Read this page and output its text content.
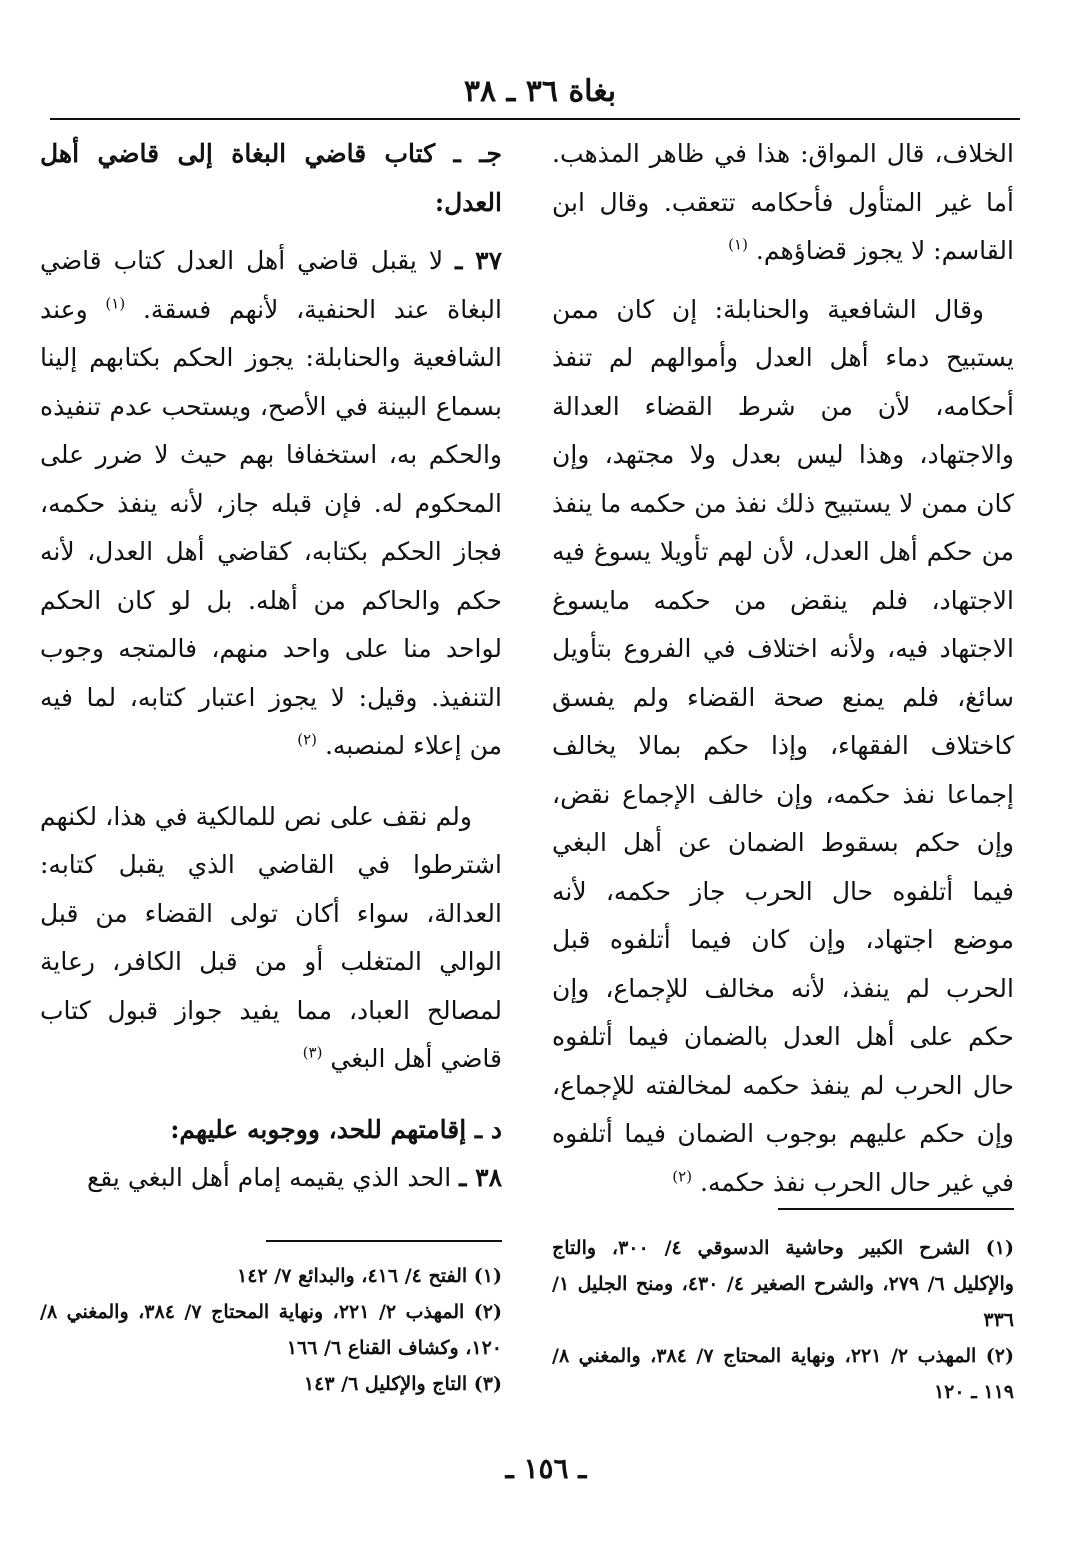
بغاة ٣٦ ـ ٣٨

الخلاف، قال المواق: هذا في ظاهر المذهب. أما غير المتأول فأحكامه تتعقب. وقال ابن القاسم: لا يجوز قضاؤهم. $^{(١)}$

وقال الشافعية والحنابلة: إن كان ممن يستبيح دماء أهل العدل وأموالهم لم تنفذ أحكامه، لأن من شرط القضاء العدالة والاجتهاد، وهذا ليس بعدل ولا مجتهد، وإن كان ممن لا يستبيح ذلك نفذ من حكمه ما ينفذ من حكم أهل العدل، لأن لهم تأويلا يسوغ فيه الاجتهاد، فلم ينقض من حكمه مايسوغ الاجتهاد فيه، ولأنه اختلاف في الفروع بتأويل سائغ، فلم يمنع صحة القضاء ولم يفسق كاختلاف الفقهاء، وإذا حكم بمالا يخالف إجماعا نفذ حكمه، وإن خالف الإجماع نقض، وإن حكم بسقوط الضمان عن أهل البغي فيما أتلفوه حال الحرب جاز حكمه، لأنه موضع اجتهاد، وإن كان فيما أتلفوه قبل الحرب لم ينفذ، لأنه مخالف للإجماع، وإن حكم على أهل العدل بالضمان فيما أتلفوه حال الحرب لم ينفذ حكمه لمخالفته للإجماع، وإن حكم عليهم بوجوب الضمان فيما أتلفوه في غير حال الحرب نفذ حكمه. $^{(٢)}$

جـ ـ كتاب قاضي البغاة إلى قاضي أهل العدل:

٣٧ ـ لا يقبل قاضي أهل العدل كتاب قاضي البغاة عند الحنفية، لأنهم فسقة. $^{(١)}$ وعند الشافعية والحنابلة: يجوز الحكم بكتابهم إلينا بسماع البينة في الأصح، ويستحب عدم تنفيذه والحكم به، استخفافا بهم حيث لا ضرر على المحكوم له. فإن قبله جاز، لأنه ينفذ حكمه، فجاز الحكم بكتابه، كقاضي أهل العدل، لأنه حكم والحاكم من أهله. بل لو كان الحكم لواحد منا على واحد منهم، فالمتجه وجوب التنفيذ. وقيل: لا يجوز اعتبار كتابه، لما فيه من إعلاء لمنصبه. $^{(٢)}$

ولم نقف على نص للمالكية في هذا، لكنهم اشترطوا في القاضي الذي يقبل كتابه: العدالة، سواء أكان تولى القضاء من قبل الوالي المتغلب أو من قبل الكافر، رعاية لمصالح العباد، مما يفيد جواز قبول كتاب قاضي أهل البغي $^{(٣)}$

د ـ إقامتهم للحد، ووجوبه عليهم:

٣٨ ـ الحد الذي يقيمه إمام أهل البغي يقع

(١) الشرح الكبير وحاشية الدسوقي ٤/ ٣٠٠، والتاج والإكليل ٦/ ٢٧٩، والشرح الصغير ٤/ ٤٣٠، ومنح الجليل ١/ ٣٣٦
(٢) المهذب ٢/ ٢٢١، ونهاية المحتاج ٧/ ٣٨٤، والمغني ٨/ ١١٩ ـ ١٢٠
(١) الفتح ٤/ ٤١٦، والبدائع ٧/ ١٤٢
(٢) المهذب ٢/ ٢٢١، ونهاية المحتاج ٧/ ٣٨٤، والمغني ٨/ ١٢٠، وكشاف القناع ٦/ ١٦٦
(٣) التاج والإكليل ٦/ ١٤٣
ـ ١٥٦ ـ
